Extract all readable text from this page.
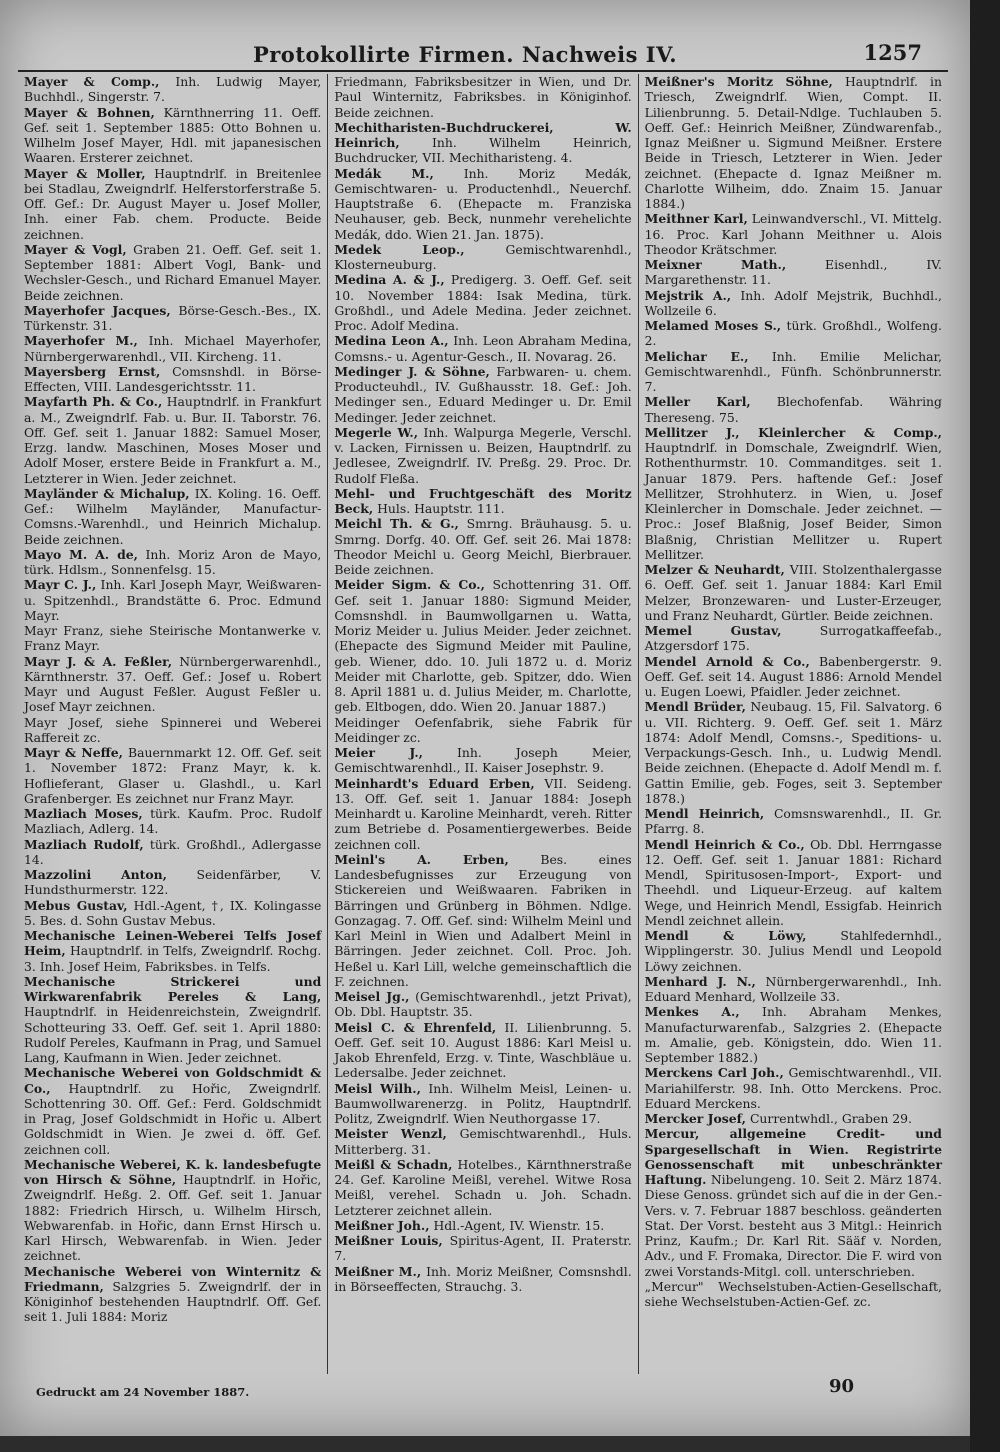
Protokollirte Firmen. Nachweis IV.	1257

Mayer & Comp., Inh. Ludwig Mayer, Buchhdl., Singerstr. 7.

Mayer & Bohnen, Kärnthnerring 11. Oeff. Gef. seit 1. September 1885: Otto Bohnen u. Wilhelm Josef Mayer, Hdl. mit japanesischen Waaren. Ersterer zeichnet.

Mayer & Moller, Hauptndrlf. in Breitenlee bei Stadlau, Zweigndrlf. Helferstorferstraße 5. Off. Gef.: Dr. August Mayer u. Josef Moller, Inh. einer Fab. chem. Producte. Beide zeichnen.

Mayer & Vogl, Graben 21. Oeff. Gef. seit 1. September 1881: Albert Vogl, Bank- und Wechsler-Gesch., und Richard Emanuel Mayer. Beide zeichnen.

Mayerhofer Jacques, Börse-Gesch.-Bes., IX. Türkenstr. 31.

Mayerhofer M., Inh. Michael Mayerhofer, Nürnbergerwarenhdl., VII. Kircheng. 11.

Mayersberg Ernst, Comsnshdl. in Börse-Effecten, VIII. Landesgerichtsstr. 11.

Mayfarth Ph. & Co., Hauptndrlf. in Frankfurt a. M., Zweigndrlf. Fab. u. Bur. II. Taborstr. 76. Off. Gef. seit 1. Januar 1882: Samuel Moser, Erzg. landw. Maschinen, Moses Moser und Adolf Moser, erstere Beide in Frankfurt a. M., Letzterer in Wien. Jeder zeichnet.

Mayländer & Michalup, IX. Koling. 16. Oeff. Gef.: Wilhelm Mayländer, Manufactur-Comsns.-Warenhdl., und Heinrich Michalup. Beide zeichnen.

Mayo M. A. de, Inh. Moriz Aron de Mayo, türk. Hdlsm., Sonnenfelsg. 15.

Mayr C. J., Inh. Karl Joseph Mayr, Weißwaren- u. Spitzenhdl., Brandstätte 6. Proc. Edmund Mayr.

Mayr Franz, siehe Steirische Montanwerke v. Franz Mayr.

Mayr J. & A. Feßler, Nürnbergerwarenhdl., Kärnthnerstr. 37. Oeff. Gef.: Josef u. Robert Mayr und August Feßler. August Feßler u. Josef Mayr zeichnen.

Mayr Josef, siehe Spinnerei und Weberei Raffereit zc.

Mayr & Neffe, Bauernmarkt 12. Off. Gef. seit 1. November 1872: Franz Mayr, k. k. Hoflieferant, Glaser u. Glashdl., u. Karl Grafenberger. Es zeichnet nur Franz Mayr.

Mazliach Moses, türk. Kaufm. Proc. Rudolf Mazliach, Adlerg. 14.

Mazliach Rudolf, türk. Großhdl., Adlergasse 14.

Mazzolini Anton, Seidenfärber, V. Hundsthurmerstr. 122.

Mebus Gustav, Hdl.-Agent, †, IX. Kolingasse 5. Bes. d. Sohn Gustav Mebus.

Mechanische Leinen-Weberei Telfs Josef Heim, Hauptndrlf. in Telfs, Zweigndrlf. Rochg. 3. Inh. Josef Heim, Fabriksbes. in Telfs.

Mechanische Strickerei und Wirkwarenfabrik Pereles & Lang, Hauptndrlf. in Heidenreichstein, Zweigndrlf. Schotteuring 33. Oeff. Gef. seit 1. April 1880: Rudolf Pereles, Kaufmann in Prag, und Samuel Lang, Kaufmann in Wien. Jeder zeichnet.

Mechanische Weberei von Goldschmidt & Co., Hauptndrlf. zu Hořic, Zweigndrlf. Schottenring 30. Off. Gef.: Ferd. Goldschmidt in Prag, Josef Goldschmidt in Hořic u. Albert Goldschmidt in Wien. Je zwei d. öff. Gef. zeichnen coll.

Mechanische Weberei, K. k. landesbefugte von Hirsch & Söhne, Hauptndrlf. in Hořic, Zweigndrlf. Heßg. 2. Off. Gef. seit 1. Januar 1882: Friedrich Hirsch, u. Wilhelm Hirsch, Webwarenfab. in Hořic, dann Ernst Hirsch u. Karl Hirsch, Webwarenfab. in Wien. Jeder zeichnet.

Mechanische Weberei von Winternitz & Friedmann, Salzgries 5. Zweigndrlf. der in Königinhof bestehenden Hauptndrlf. Off. Gef. seit 1. Juli 1884: Moriz

Friedmann, Fabriksbesitzer in Wien, und Dr. Paul Winternitz, Fabriksbes. in Königinhof. Beide zeichnen.

Mechitharisten-Buchdruckerei, W. Heinrich,	Inh. Wilhelm Heinrich, Buchdrucker, VII. Mechitharisteng. 4.

Medák M., Inh. Moriz Medák, Gemischtwaren- u. Productenhdl., Neuerchf. Hauptstraße 6. (Ehepacte m. Franziska Neuhauser, geb. Beck, nunmehr verehelichte Medák, ddo. Wien 21. Jan. 1875).

Medek Leop.,	Gemischtwarenhdl., Klosterneuburg.

Medina A. & J., Predigerg. 3. Oeff. Gef. seit 10. November 1884: Isak Medina, türk. Großhdl., und Adele Medina. Jeder zeichnet. Proc. Adolf Medina.

Medina Leon A., Inh. Leon Abraham Medina, Comsns.- u. Agentur-Gesch., II. Novarag. 26.

Medinger J. & Söhne, Farbwaren- u. chem. Producteuhdl., IV. Gußhausstr. 18. Gef.: Joh. Medinger sen., Eduard Medinger u. Dr. Emil Medinger. Jeder zeichnet.

Megerle W., Inh. Walpurga Megerle, Verschl. v. Lacken, Firnissen u. Beizen, Hauptndrlf. zu Jedlesee, Zweigndrlf. IV. Preßg. 29. Proc. Dr. Rudolf Fleßa.

Mehl- und Fruchtgeschäft des Moritz Beck, Huls. Hauptstr. 111.

Meichl Th. & G., Smrng. Bräuhausg. 5. u. Smrng. Dorfg. 40. Off. Gef. seit 26. Mai 1878: Theodor Meichl u. Georg Meichl, Bierbrauer. Beide zeichnen.

Meider Sigm. & Co., Schottenring 31. Off. Gef. seit 1. Januar 1880: Sigmund Meider, Comsnshdl. in Baumwollgarnen u. Watta, Moriz Meider u. Julius Meider. Jeder zeichnet. (Ehepacte des Sigmund Meider mit Pauline, geb. Wiener, ddo. 10. Juli 1872 u. d. Moriz Meider mit Charlotte, geb. Spitzer, ddo. Wien 8. April 1881 u. d. Julius Meider, m. Charlotte, geb. Eltbogen, ddo. Wien 20. Januar 1887.)

Meidinger Oefenfabrik, siehe Fabrik für Meidinger zc.

Meier J.,	Inh. Joseph Meier, Gemischtwarenhdl., II. Kaiser Josephstr. 9.

Meinhardt's Eduard Erben, VII. Seideng. 13. Off. Gef. seit 1. Januar 1884: Joseph Meinhardt u. Karoline Meinhardt, vereh. Ritter zum Betriebe d. Posamentiergewerbes. Beide zeichnen coll.

Meinl's A. Erben,	Bes. eines Landesbefugnisses zur Erzeugung von Stickereien und Weißwaaren. Fabriken in Bärringen und Grünberg in Böhmen. Ndlge. Gonzagag. 7. Off. Gef. sind: Wilhelm Meinl und Karl Meinl in Wien und Adalbert Meinl in Bärringen. Jeder zeichnet. Coll. Proc. Joh. Heßel u. Karl Lill, welche gemeinschaftlich die F. zeichnen.

Meisel Jg., (Gemischtwarenhdl., jetzt Privat), Ob. Dbl. Hauptstr. 35.

Meisl C. & Ehrenfeld, II. Lilienbrunng. 5. Oeff. Gef. seit 10. August 1886: Karl Meisl u. Jakob Ehrenfeld, Erzg. v. Tinte, Waschbläue u. Ledersalbe. Jeder zeichnet.

Meisl Wilh., Inh. Wilhelm Meisl, Leinen- u. Baumwollwarenerzg. in Politz, Hauptndrlf. Politz, Zweigndrlf. Wien Neuthorgasse 17.

Meister Wenzl, Gemischtwarenhdl., Huls. Mitterberg. 31.

Meißl & Schadn, Hotelbes., Kärnthnerstraße 24. Gef. Karoline Meißl, verehel. Witwe Rosa Meißl, verehel. Schadn u. Joh. Schadn. Letzterer zeichnet allein.

Meißner Joh., Hdl.-Agent, IV. Wienstr. 15.

Meißner Louis, Spiritus-Agent, II. Praterstr. 7.

Meißner M., Inh. Moriz Meißner, Comsnshdl. in Börseeffecten, Strauchg. 3.

Meißner's Moritz Söhne, Hauptndrlf. in Triesch, Zweigndrlf. Wien, Compt. II. Lilienbrunng. 5. Detail-Ndlge. Tuchlauben 5. Oeff. Gef.: Heinrich Meißner, Zündwarenfab., Ignaz Meißner u. Sigmund Meißner. Erstere Beide in Triesch, Letzterer in Wien. Jeder zeichnet. (Ehepacte d. Ignaz Meißner m. Charlotte Wilheim, ddo. Znaim 15. Januar 1884.)

Meithner Karl, Leinwandverschl., VI. Mittelg. 16. Proc. Karl Johann Meithner u. Alois Theodor Krätschmer.

Meixner Math.,	Eisenhdl., IV. Margarethenstr. 11.

Mejstrik A., Inh. Adolf Mejstrik, Buchhdl., Wollzeile 6.

Melamed Moses S., türk. Großhdl., Wolfeng. 2.

Melichar E., Inh. Emilie Melichar, Gemischtwarenhdl., Fünfh. Schönbrunnerstr. 7.

Meller Karl, Blechofenfab. Währing Thereseng. 75.

Mellitzer J., Kleinlercher & Comp., Hauptndrlf. in Domschale, Zweigndrlf. Wien, Rothenthurmstr. 10. Commanditges. seit 1. Januar 1879. Pers. haftende Gef.: Josef Mellitzer, Strohhuterz. in Wien, u. Josef Kleinlercher in Domschale. Jeder zeichnet. — Proc.: Josef Blaßnig, Josef Beider, Simon Blaßnig, Christian Mellitzer u. Rupert Mellitzer.

Melzer & Neuhardt, VIII. Stolzenthalergasse 6. Oeff. Gef. seit 1. Januar 1884: Karl Emil Melzer, Bronzewaren- und Luster-Erzeuger, und Franz Neuhardt, Gürtler. Beide zeichnen.

Memel Gustav,	Surrogatkaffeefab., Atzgersdorf 175.

Mendel Arnold & Co., Babenbergerstr. 9. Oeff. Gef. seit 14. August 1886: Arnold Mendel u. Eugen Loewi, Pfaidler. Jeder zeichnet.

Mendl Brüder, Neubaug. 15, Fil. Salvatorg. 6 u. VII. Richterg. 9. Oeff. Gef. seit 1. März 1874: Adolf Mendl, Comsns.-, Speditions- u. Verpackungs-Gesch. Inh., u. Ludwig Mendl. Beide zeichnen. (Ehepacte d. Adolf Mendl m. f. Gattin Emilie, geb. Foges, seit 3. September 1878.)

Mendl Heinrich, Comsnswarenhdl., II. Gr. Pfarrg. 8.

Mendl Heinrich & Co., Ob. Dbl. Herrngasse 12. Oeff. Gef. seit 1. Januar 1881: Richard Mendl, Spiritusosen-Import-, Export- und Theehdl. und Liqueur-Erzeug. auf kaltem Wege, und Heinrich Mendl, Essigfab. Heinrich Mendl zeichnet allein.

Mendl & Löwy,	Stahlfedernhdl., Wipplingerstr. 30. Julius Mendl und Leopold Löwy zeichnen.

Menhard J. N., Nürnbergerwarenhdl., Inh. Eduard Menhard, Wollzeile 33.

Menkes A., Inh. Abraham Menkes, Manufacturwarenfab., Salzgries 2. (Ehepacte m. Amalie, geb. Königstein, ddo. Wien 11. September 1882.)

Merckens Carl Joh., Gemischtwarenhdl., VII. Mariahilferstr. 98. Inh. Otto Merckens. Proc. Eduard Merckens.

Mercker Josef, Currentwhdl., Graben 29.

Mercur, allgemeine Credit- und Spargesellschaft in Wien. Registrirte Genossenschaft mit unbeschränkter Haftung. Nibelungeng. 10. Seit 2. März 1874. Diese Genoss. gründet sich auf die in der Gen.-Vers. v. 7. Februar 1887 beschloss. geänderten Stat. Der Vorst. besteht aus 3 Mitgl.: Heinrich Prinz, Kaufm.; Dr. Karl Rit. Sääf v. Norden, Adv., und F. Fromaka, Director. Die F. wird von zwei Vorstands-Mitgl. coll. unterschrieben.

„Mercur" Wechselstuben-Actien-Gesellschaft, siehe Wechselstuben-Actien-Gef. zc.

Gedruckt am 24 November 1887.	90
